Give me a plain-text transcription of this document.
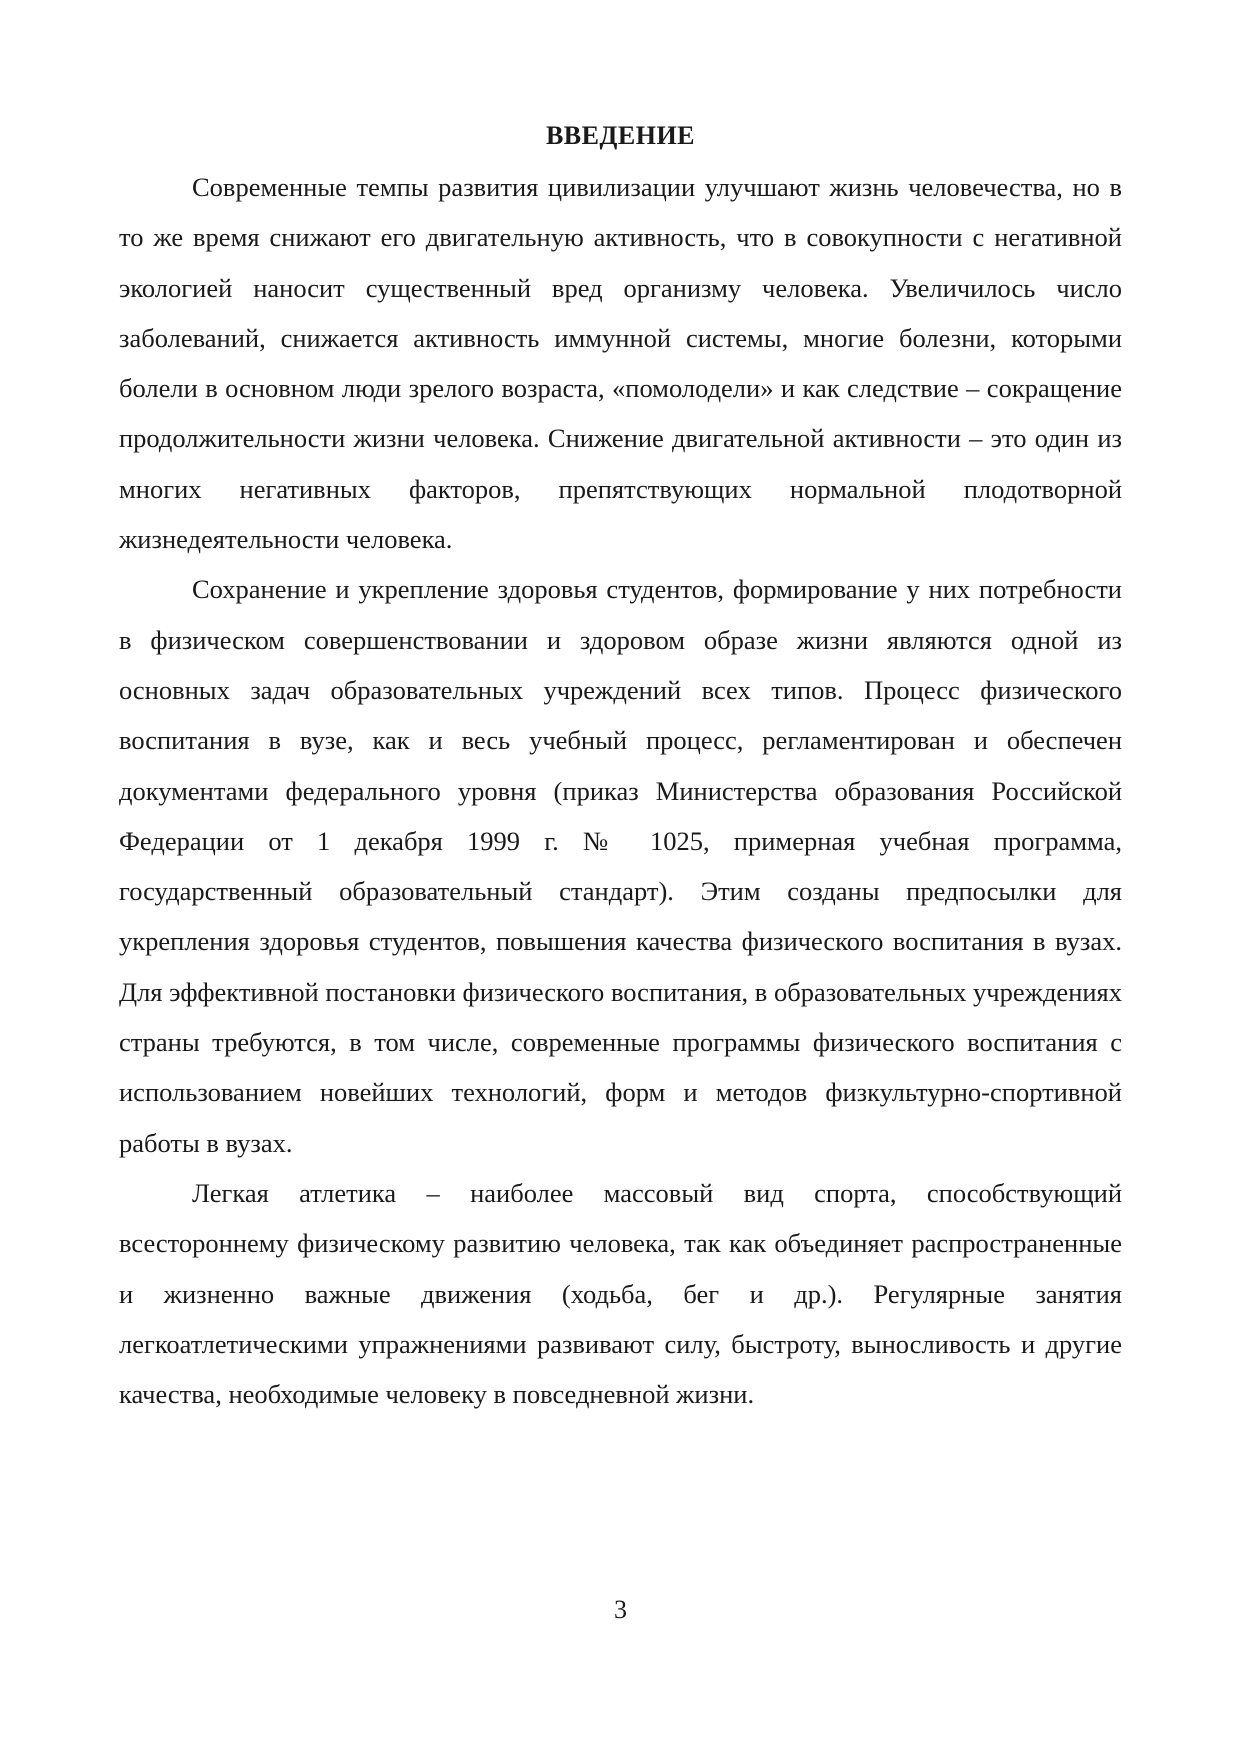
ВВЕДЕНИЕ

Современные темпы развития цивилизации улучшают жизнь человечества, но в то же время снижают его двигательную активность, что в совокупности с негативной экологией наносит существенный вред организму человека. Увеличилось число заболеваний, снижается активность иммунной системы, многие болезни, которыми болели в основном люди зрелого возраста, «помолодели» и как следствие – сокращение продолжительности жизни человека. Снижение двигательной активности – это один из многих негативных факторов, препятствующих нормальной плодотворной жизнедеятельности человека.

Сохранение и укрепление здоровья студентов, формирование у них потребности в физическом совершенствовании и здоровом образе жизни являются одной из основных задач образовательных учреждений всех типов. Процесс физического воспитания в вузе, как и весь учебный процесс, регламентирован и обеспечен документами федерального уровня (приказ Министерства образования Российской Федерации от 1 декабря 1999 г. № 1025, примерная учебная программа, государственный образовательный стандарт). Этим созданы предпосылки для укрепления здоровья студентов, повышения качества физического воспитания в вузах. Для эффективной постановки физического воспитания, в образовательных учреждениях страны требуются, в том числе, современные программы физического воспитания с использованием новейших технологий, форм и методов физкультурно-спортивной работы в вузах.

Легкая атлетика – наиболее массовый вид спорта, способствующий всестороннему физическому развитию человека, так как объединяет распространенные и жизненно важные движения (ходьба, бег и др.). Регулярные занятия легкоатлетическими упражнениями развивают силу, быстроту, выносливость и другие качества, необходимые человеку в повседневной жизни.

3
